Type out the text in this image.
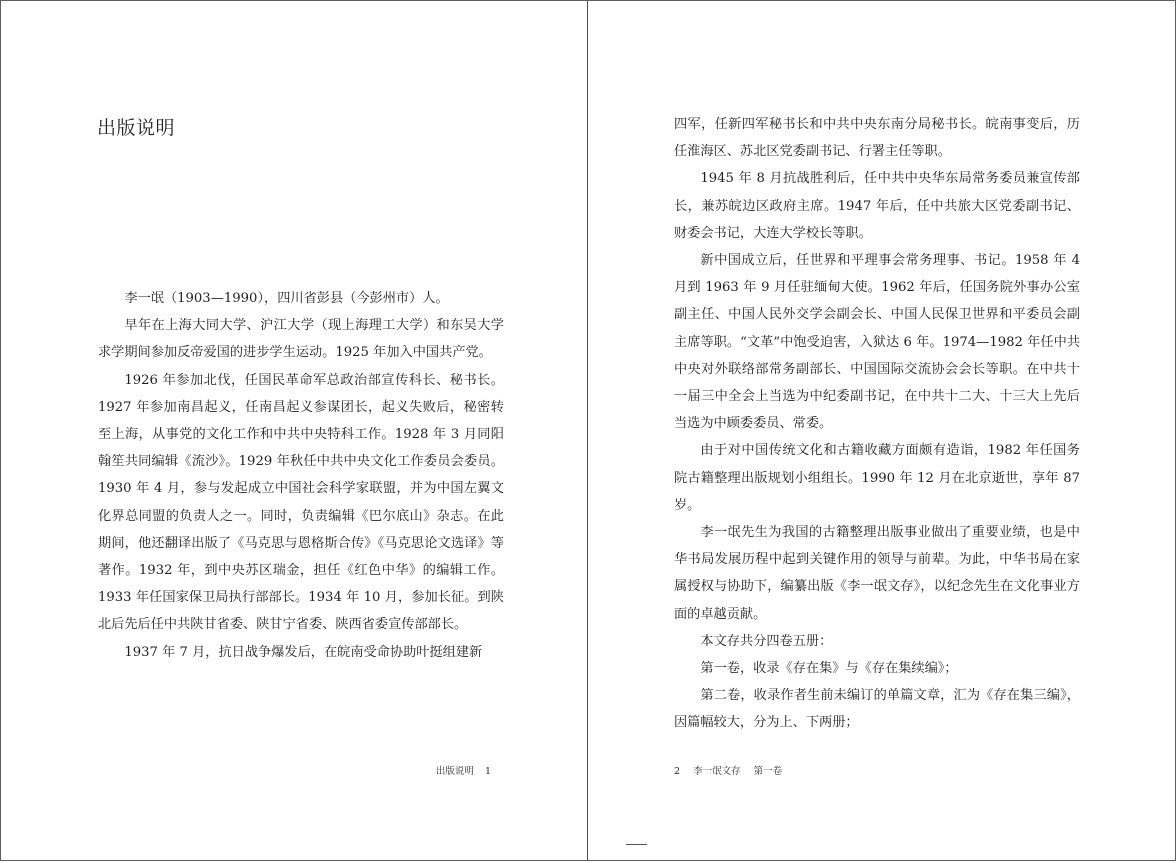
出版说明

李一氓（1903—1990），四川省彭县（今彭州市）人。

早年在上海大同大学、沪江大学（现上海理工大学）和东吴大学求学期间参加反帝爱国的进步学生运动。1925 年加入中国共产党。

1926 年参加北伐，任国民革命军总政治部宣传科长、秘书长。1927 年参加南昌起义，任南昌起义参谋团长，起义失败后，秘密转至上海，从事党的文化工作和中共中央特科工作。1928 年 3 月同阳翰笙共同编辑《流沙》。1929 年秋任中共中央文化工作委员会委员。1930 年 4 月，参与发起成立中国社会科学家联盟，并为中国左翼文化界总同盟的负责人之一。同时，负责编辑《巴尔底山》杂志。在此期间，他还翻译出版了《马克思与恩格斯合传》《马克思论文选译》等著作。1932 年，到中央苏区瑞金，担任《红色中华》的编辑工作。1933 年任国家保卫局执行部部长。1934 年 10 月，参加长征。到陕北后先后任中共陕甘省委、陕甘宁省委、陕西省委宣传部部长。

1937 年 7 月，抗日战争爆发后，在皖南受命协助叶挺组建新

出版说明 1

四军，任新四军秘书长和中共中央东南分局秘书长。皖南事变后，历任淮海区、苏北区党委副书记、行署主任等职。

1945 年 8 月抗战胜利后，任中共中央华东局常务委员兼宣传部长，兼苏皖边区政府主席。1947 年后，任中共旅大区党委副书记、财委会书记，大连大学校长等职。

新中国成立后，任世界和平理事会常务理事、书记。1958 年 4 月到 1963 年 9 月任驻缅甸大使。1962 年后，任国务院外事办公室副主任、中国人民外交学会副会长、中国人民保卫世界和平委员会副主席等职。“文革”中饱受迫害，入狱达 6 年。1974—1982 年任中共中央对外联络部常务副部长、中国国际交流协会会长等职。在中共十一届三中全会上当选为中纪委副书记，在中共十二大、十三大上先后当选为中顾委委员、常委。

由于对中国传统文化和古籍收藏方面颇有造诣，1982 年任国务院古籍整理出版规划小组组长。1990 年 12 月在北京逝世，享年 87 岁。

李一氓先生为我国的古籍整理出版事业做出了重要业绩，也是中华书局发展历程中起到关键作用的领导与前辈。为此，中华书局在家属授权与协助下，编纂出版《李一氓文存》，以纪念先生在文化事业方面的卓越贡献。

本文存共分四卷五册：

第一卷，收录《存在集》与《存在集续编》；

第二卷，收录作者生前未编订的单篇文章，汇为《存在集三编》，因篇幅较大，分为上、下两册；

2 李一氓文存 第一卷
